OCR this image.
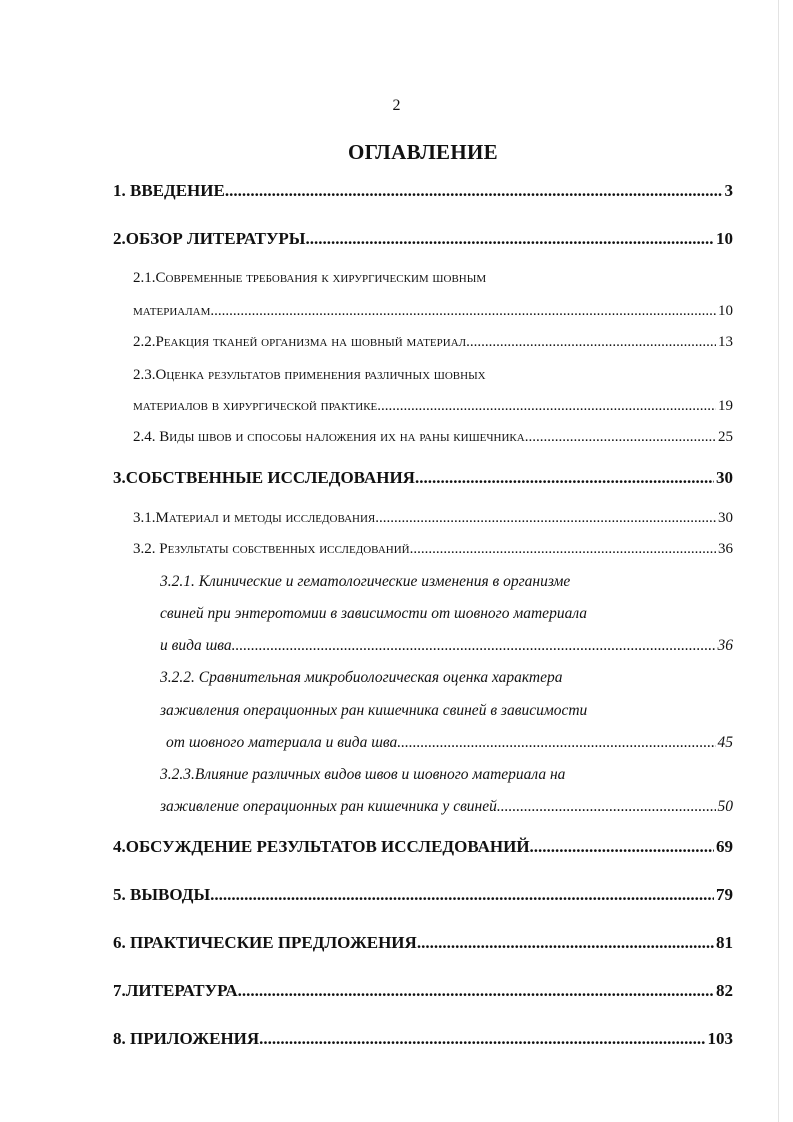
2
ОГЛАВЛЕНИЕ
1. ВВЕДЕНИЕ .....	3
2.ОБЗОР ЛИТЕРАТУРЫ .....	10
2.1.Современные требования к хирургическим шовным
материалам .....	10
2.2.Реакция тканей организма на шовный материал .....	13
2.3.Оценка результатов применения различных шовных
материалов в хирургической практике .....	19
2.4. Виды швов и способы наложения их на раны кишечника .....	25
3.СОБСТВЕННЫЕ ИССЛЕДОВАНИЯ .....	30
3.1.Материал и методы исследования .....	30
3.2. Результаты собственных исследований .....	36
3.2.1. Клинические и гематологические изменения в организме
свиней при энтеротомии в зависимости от шовного материала
и вида шва .....	36
3.2.2. Сравнительная микробиологическая оценка характера
заживления операционных ран кишечника свиней в зависимости
от шовного материала и вида шва .....	45
3.2.3.Влияние различных видов швов и шовного материала на
заживление операционных ран кишечника у свиней .....	50
4.ОБСУЖДЕНИЕ РЕЗУЛЬТАТОВ ИССЛЕДОВАНИЙ .....	69
5. ВЫВОДЫ .....	79
6. ПРАКТИЧЕСКИЕ ПРЕДЛОЖЕНИЯ .....	81
7.ЛИТЕРАТУРА .....	82
8. ПРИЛОЖЕНИЯ .....	103
